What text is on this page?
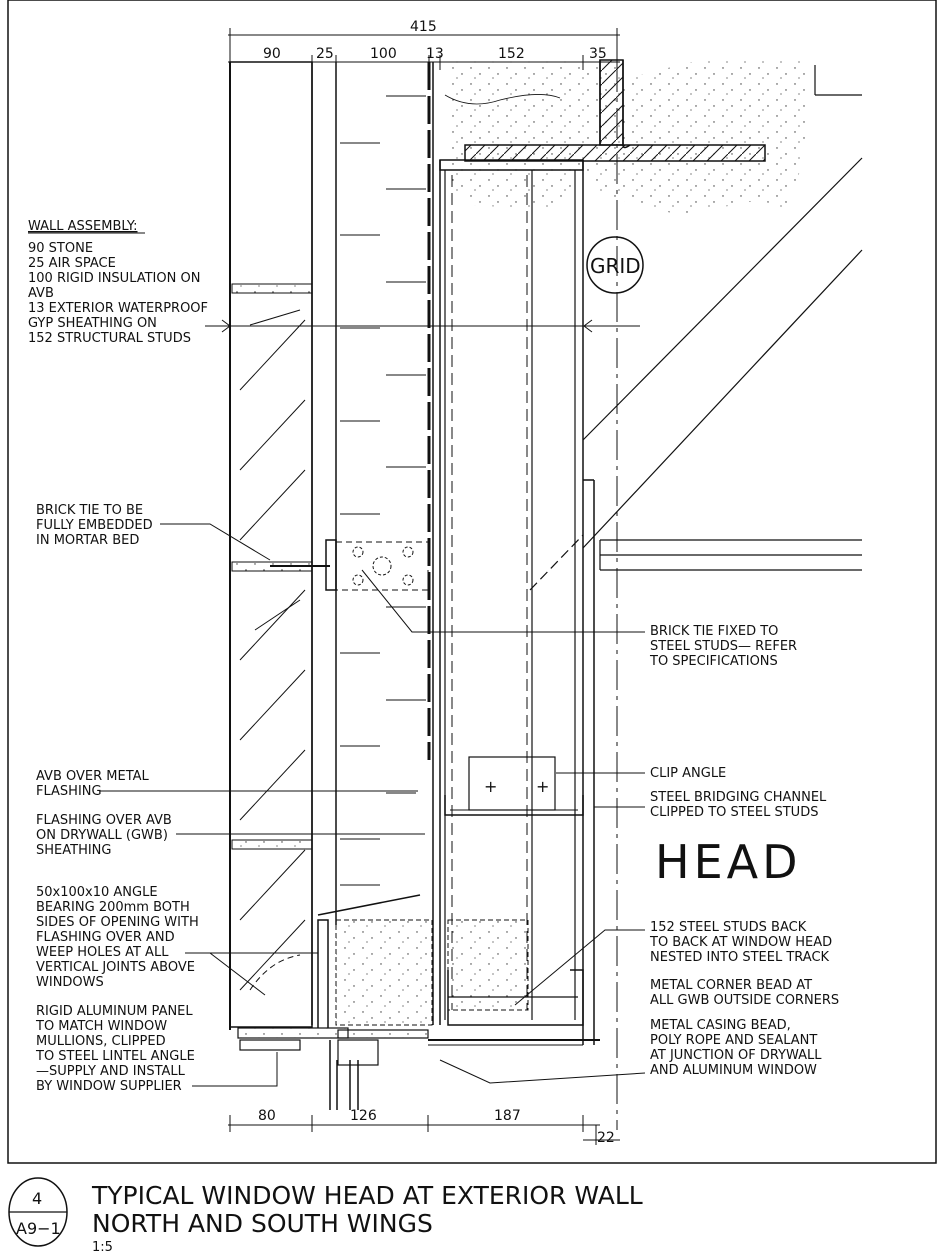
+ +
415
90	25	100 13	152	35
80	126	187
22
GRID
WALL ASSEMBLY:
90 STONE
25 AIR SPACE
100 RIGID INSULATION ON
AVB
13 EXTERIOR WATERPROOF
GYP SHEATHING ON
152 STRUCTURAL STUDS
BRICK TIE TO BE
FULLY EMBEDDED
IN MORTAR BED
AVB OVER METAL
FLASHING
FLASHING OVER AVB
ON DRYWALL (GWB)
SHEATHING
50x100x10 ANGLE
BEARING 200mm BOTH
SIDES OF OPENING WITH
FLASHING OVER AND
WEEP HOLES AT ALL
VERTICAL JOINTS ABOVE
WINDOWS
RIGID ALUMINUM PANEL
TO MATCH WINDOW
MULLIONS, CLIPPED
TO STEEL LINTEL ANGLE
—SUPPLY AND INSTALL
BY WINDOW SUPPLIER
BRICK TIE FIXED TO
STEEL STUDS— REFER
TO SPECIFICATIONS
CLIP ANGLE
STEEL BRIDGING CHANNEL
CLIPPED TO STEEL STUDS
HEAD
152 STEEL STUDS BACK
TO BACK AT WINDOW HEAD
NESTED INTO STEEL TRACK
METAL CORNER BEAD AT
ALL GWB OUTSIDE CORNERS
METAL CASING BEAD,
POLY ROPE AND SEALANT
AT JUNCTION OF DRYWALL
AND ALUMINUM WINDOW
4
A9−1
TYPICAL WINDOW HEAD AT EXTERIOR WALL
NORTH AND SOUTH WINGS
1:5
